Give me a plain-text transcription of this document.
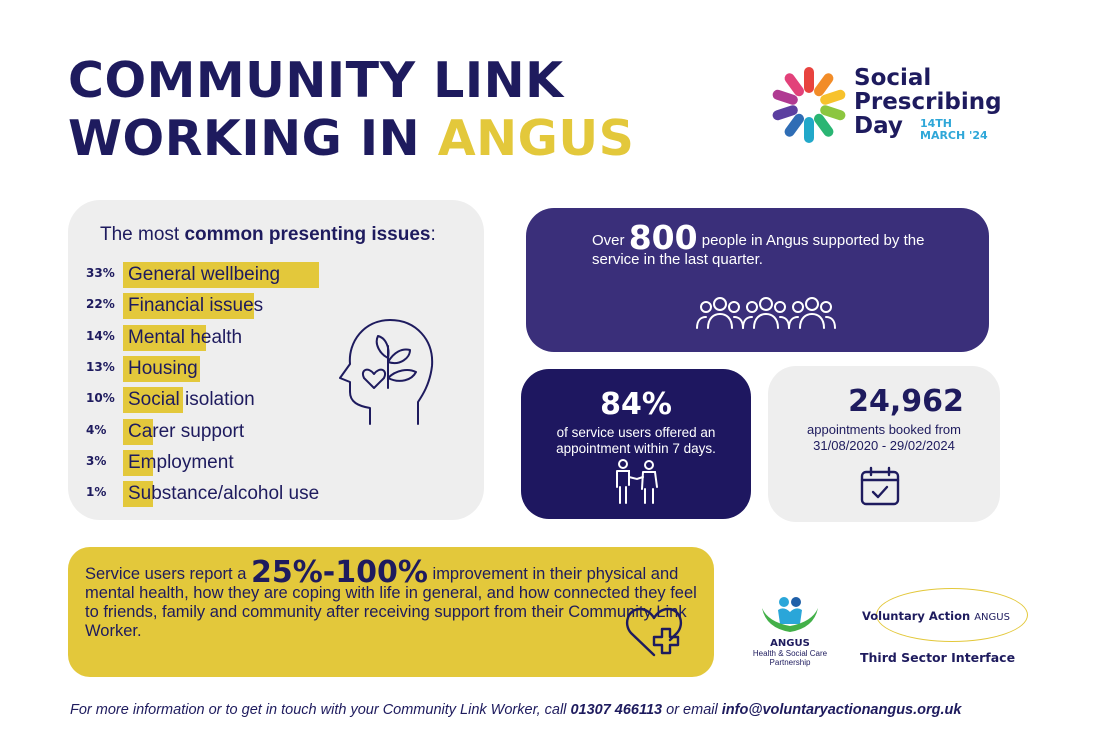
COMMUNITY LINK
WORKING IN ANGUS
Social
Prescribing
Day	14TH
MARCH '24
The most common presenting issues:
33% General wellbeing
22% Financial issues
14% Mental health
13% Housing
10% Social isolation
4%	Carer support
3%	Employment
1%	Substance/alcohol use
Over 800 people in Angus supported by the service in the last quarter.
84%
of service users offered an appointment within 7 days.
24,962
appointments booked from 31/08/2020 - 29/02/2024
Service users report a 25%-100% improvement in their physical and mental health, how they are coping with life in general, and how connected they feel to friends, family and community after receiving support from their Community Link Worker.
ANGUS
Health & Social Care Partnership
Voluntary Action ANGUS
Third Sector Interface
For more information or to get in touch with your Community Link Worker, call 01307 466113 or email info@voluntaryactionangus.org.uk
